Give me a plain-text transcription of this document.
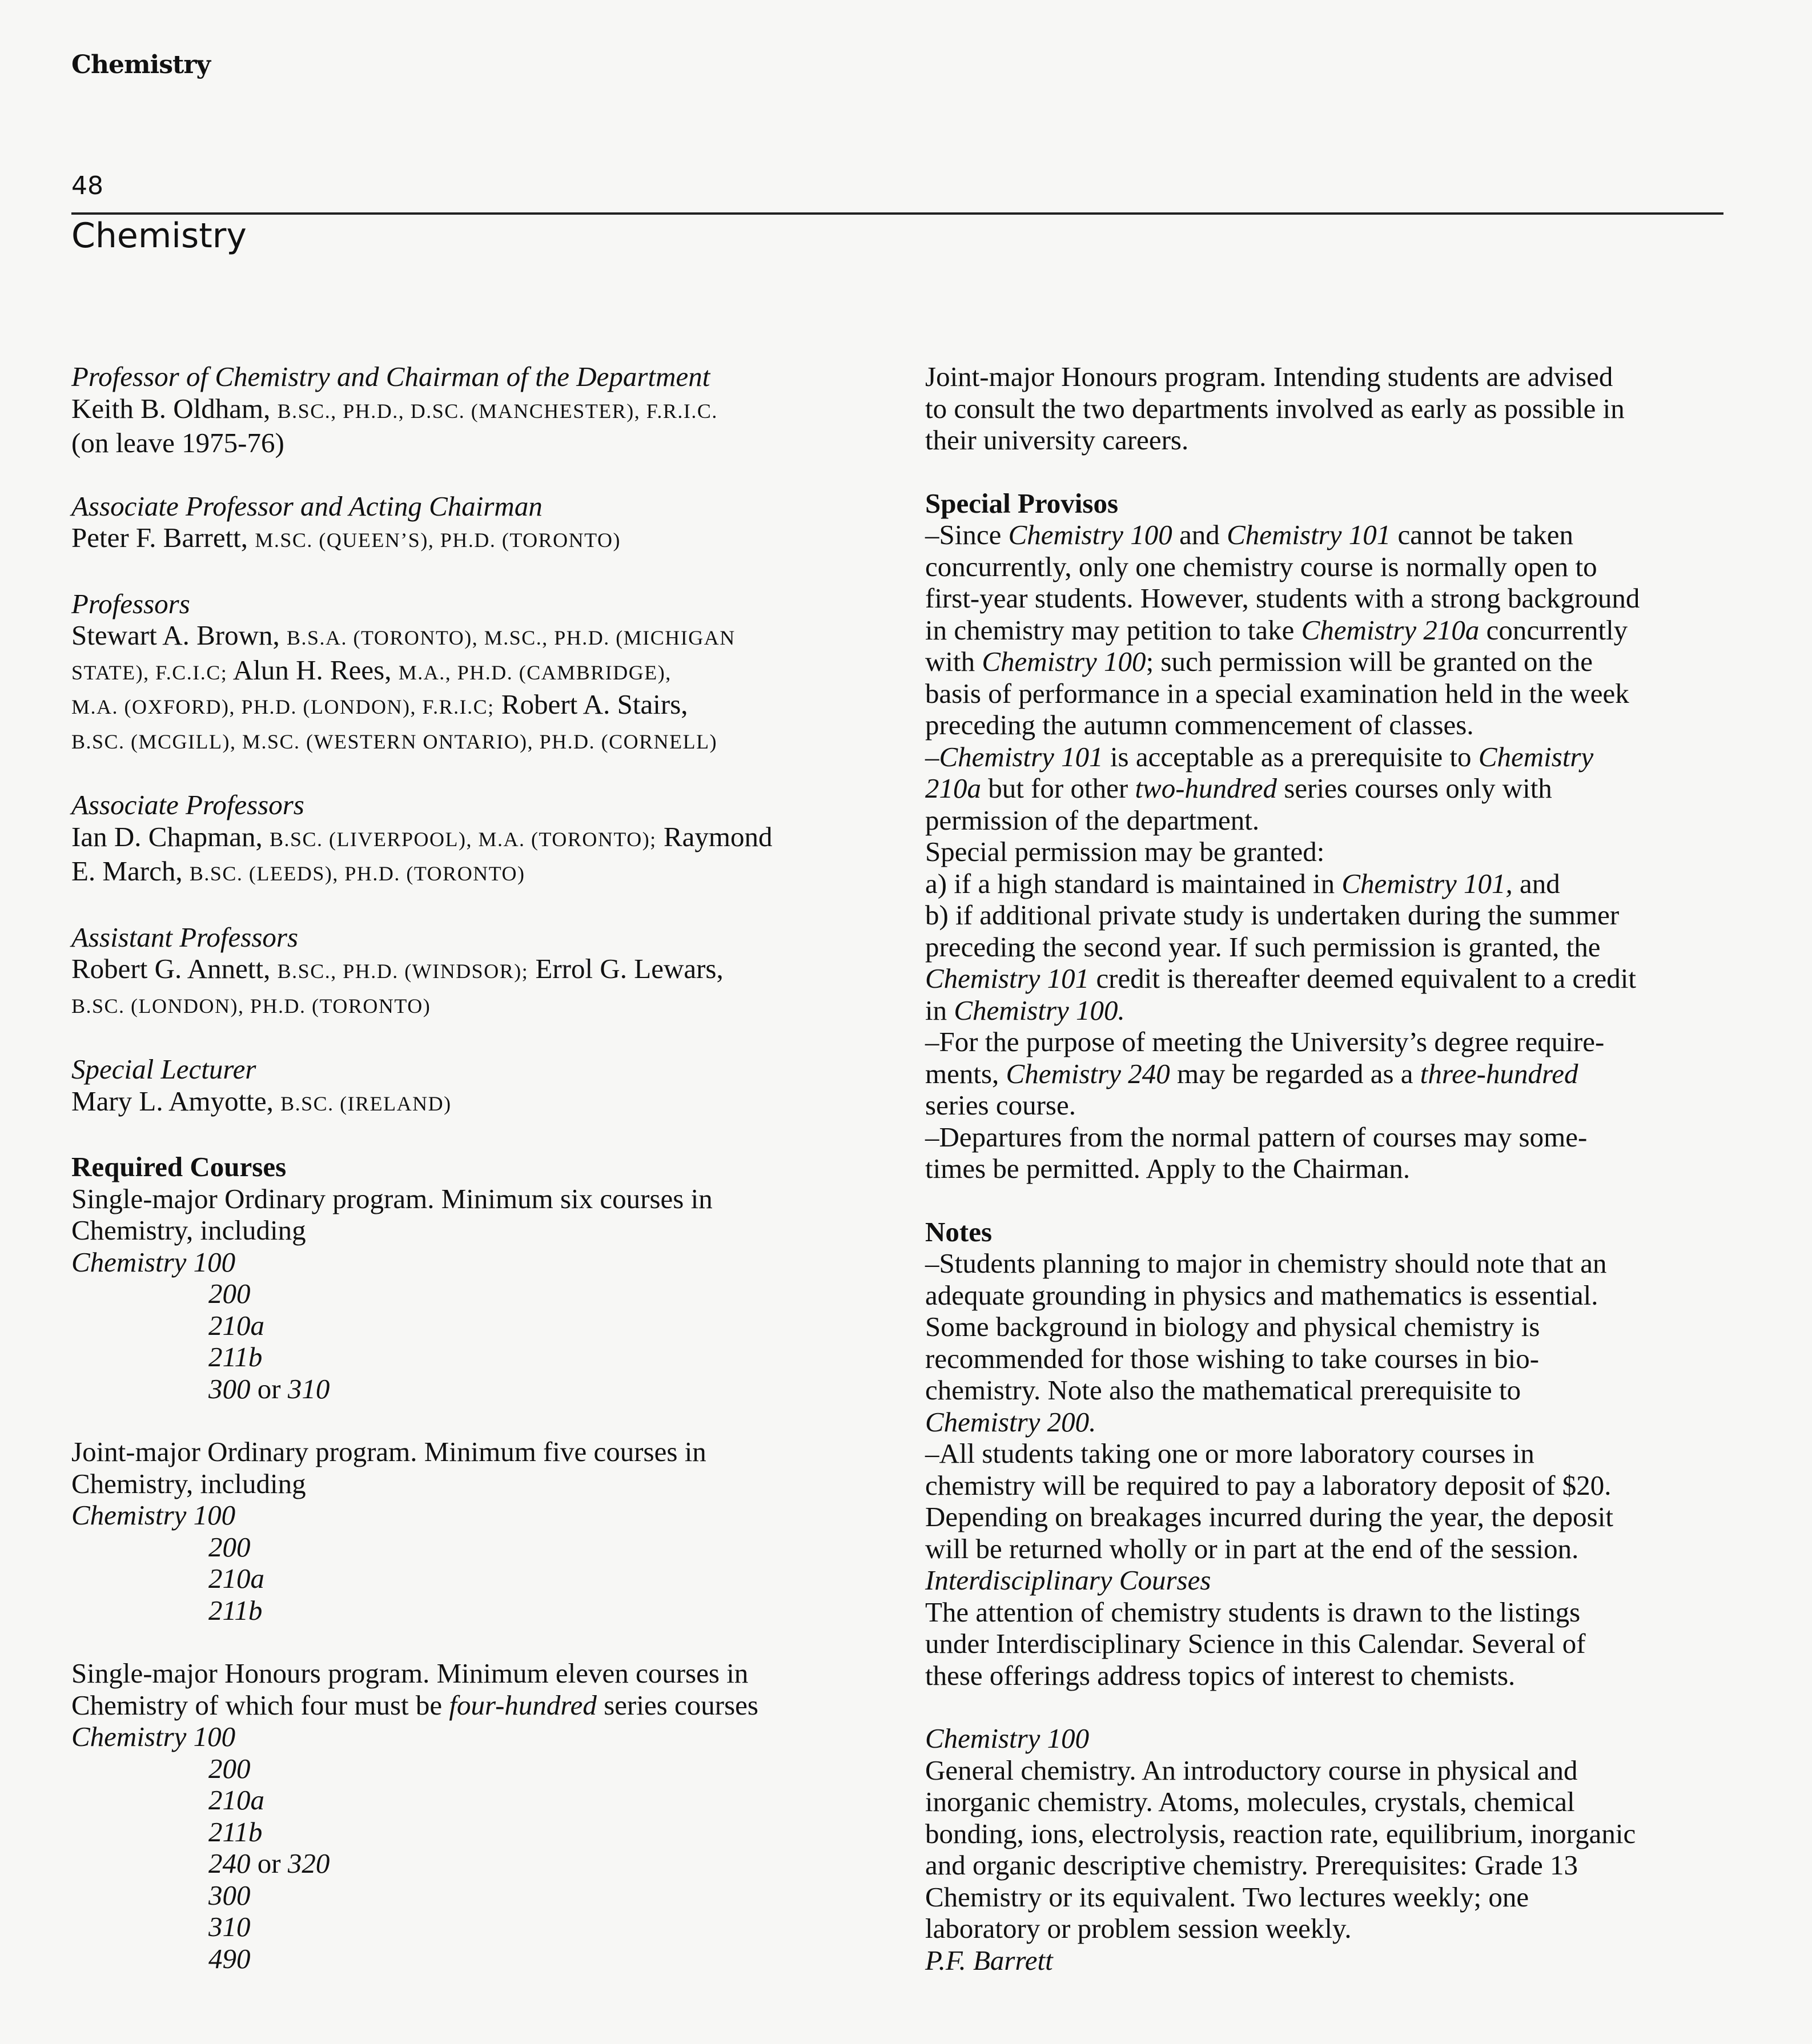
Chemistry
48
Chemistry

Professor of Chemistry and Chairman of the Department

Keith B. Oldham, B.SC., PH.D., D.SC. (MANCHESTER), F.R.I.C.

(on leave 1975-76)

Associate Professor and Acting Chairman

Peter F. Barrett, M.SC. (QUEEN’S), PH.D. (TORONTO)

Professors

Stewart A. Brown, B.S.A. (TORONTO), M.SC., PH.D. (MICHIGAN

STATE), F.C.I.C; Alun H. Rees, M.A., PH.D. (CAMBRIDGE),

M.A. (OXFORD), PH.D. (LONDON), F.R.I.C; Robert A. Stairs,

B.SC. (MCGILL), M.SC. (WESTERN ONTARIO), PH.D. (CORNELL)

Associate Professors

Ian D. Chapman, B.SC. (LIVERPOOL), M.A. (TORONTO); Raymond

E. March, B.SC. (LEEDS), PH.D. (TORONTO)

Assistant Professors

Robert G. Annett, B.SC., PH.D. (WINDSOR); Errol G. Lewars,

B.SC. (LONDON), PH.D. (TORONTO)

Special Lecturer

Mary L. Amyotte, B.SC. (IRELAND)

Required Courses

Single-major Ordinary program. Minimum six courses in

Chemistry, including

Chemistry 100

200

210a

211b

300 or 310

Joint-major Ordinary program. Minimum five courses in

Chemistry, including

Chemistry 100

200

210a

211b

Single-major Honours program. Minimum eleven courses in

Chemistry of which four must be four-hundred series courses

Chemistry 100

200

210a

211b

240 or 320

300

310

490

Joint-major Honours program. Intending students are advised

to consult the two departments involved as early as possible in

their university careers.

Special Provisos

–Since Chemistry 100 and Chemistry 101 cannot be taken

concurrently, only one chemistry course is normally open to

first-year students. However, students with a strong background

in chemistry may petition to take Chemistry 210a concurrently

with Chemistry 100; such permission will be granted on the

basis of performance in a special examination held in the week

preceding the autumn commencement of classes.

–Chemistry 101 is acceptable as a prerequisite to Chemistry

210a but for other two-hundred series courses only with

permission of the department.

Special permission may be granted:

a) if a high standard is maintained in Chemistry 101, and

b) if additional private study is undertaken during the summer

preceding the second year. If such permission is granted, the

Chemistry 101 credit is thereafter deemed equivalent to a credit

in Chemistry 100.

–For the purpose of meeting the University’s degree require-

ments, Chemistry 240 may be regarded as a three-hundred

series course.

–Departures from the normal pattern of courses may some-

times be permitted. Apply to the Chairman.

Notes

–Students planning to major in chemistry should note that an

adequate grounding in physics and mathematics is essential.

Some background in biology and physical chemistry is

recommended for those wishing to take courses in bio-

chemistry. Note also the mathematical prerequisite to

Chemistry 200.

–All students taking one or more laboratory courses in

chemistry will be required to pay a laboratory deposit of $20.

Depending on breakages incurred during the year, the deposit

will be returned wholly or in part at the end of the session.

Interdisciplinary Courses

The attention of chemistry students is drawn to the listings

under Interdisciplinary Science in this Calendar. Several of

these offerings address topics of interest to chemists.

Chemistry 100

General chemistry. An introductory course in physical and

inorganic chemistry. Atoms, molecules, crystals, chemical

bonding, ions, electrolysis, reaction rate, equilibrium, inorganic

and organic descriptive chemistry. Prerequisites: Grade 13

Chemistry or its equivalent. Two lectures weekly; one

laboratory or problem session weekly.

P.F. Barrett
